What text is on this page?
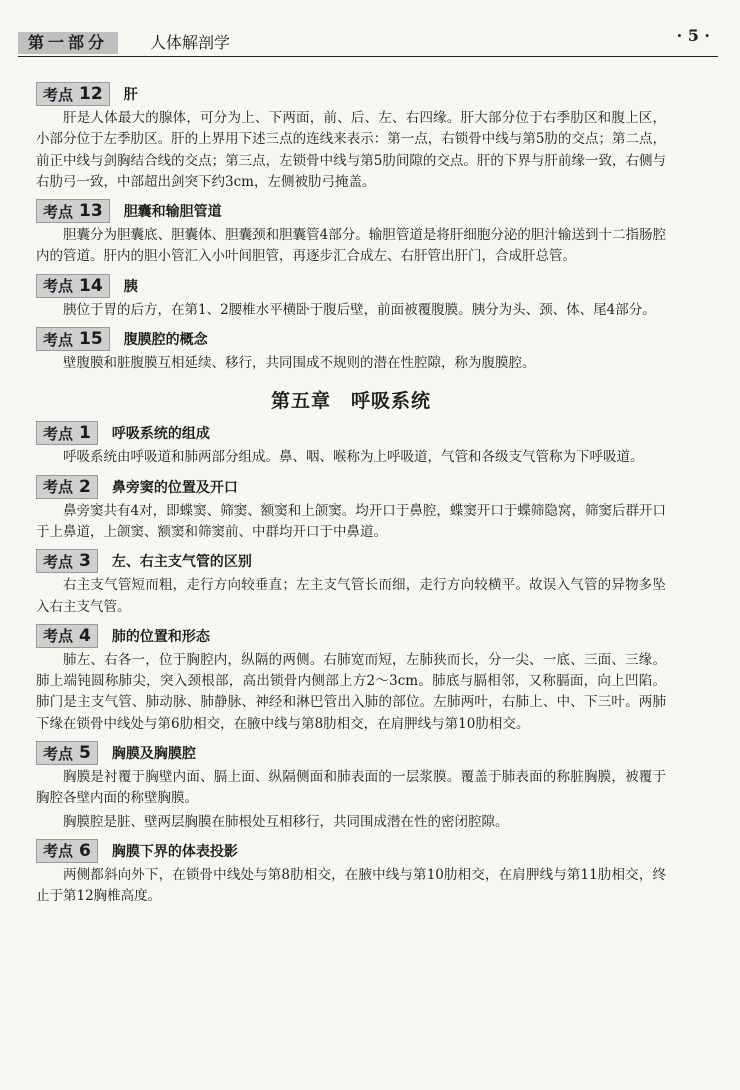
第一部分	人体解剖学	· 5 ·
考点 12 肝

肝是人体最大的腺体，可分为上、下两面，前、后、左、右四缘。肝大部分位于右季肋区和腹上区，小部分位于左季肋区。肝的上界用下述三点的连线来表示：第一点，右锁骨中线与第5肋的交点；第二点，前正中线与剑胸结合线的交点；第三点，左锁骨中线与第5肋间隙的交点。肝的下界与肝前缘一致，右侧与右肋弓一致，中部超出剑突下约3cm，左侧被肋弓掩盖。

考点 13 胆囊和输胆管道

胆囊分为胆囊底、胆囊体、胆囊颈和胆囊管4部分。输胆管道是将肝细胞分泌的胆汁输送到十二指肠腔内的管道。肝内的胆小管汇入小叶间胆管，再逐步汇合成左、右肝管出肝门，合成肝总管。

考点 14 胰

胰位于胃的后方，在第1、2腰椎水平横卧于腹后壁，前面被覆腹膜。胰分为头、颈、体、尾4部分。

考点 15 腹膜腔的概念

壁腹膜和脏腹膜互相延续、移行，共同围成不规则的潜在性腔隙，称为腹膜腔。

第五章　呼吸系统
考点 1 呼吸系统的组成

呼吸系统由呼吸道和肺两部分组成。鼻、咽、喉称为上呼吸道，气管和各级支气管称为下呼吸道。

考点 2 鼻旁窦的位置及开口

鼻旁窦共有4对，即蝶窦、筛窦、额窦和上颌窦。均开口于鼻腔，蝶窦开口于蝶筛隐窝，筛窦后群开口于上鼻道，上颌窦、额窦和筛窦前、中群均开口于中鼻道。

考点 3 左、右主支气管的区别

右主支气管短而粗，走行方向较垂直；左主支气管长而细，走行方向较横平。故误入气管的异物多坠入右主支气管。

考点 4 肺的位置和形态

肺左、右各一，位于胸腔内，纵隔的两侧。右肺宽而短，左肺狭而长，分一尖、一底、三面、三缘。肺上端钝圆称肺尖，突入颈根部，高出锁骨内侧部上方2～3cm。肺底与膈相邻，又称膈面，向上凹陷。肺门是主支气管、肺动脉、肺静脉、神经和淋巴管出入肺的部位。左肺两叶，右肺上、中、下三叶。两肺下缘在锁骨中线处与第6肋相交，在腋中线与第8肋相交，在肩胛线与第10肋相交。

考点 5 胸膜及胸膜腔

胸膜是衬覆于胸壁内面、膈上面、纵隔侧面和肺表面的一层浆膜。覆盖于肺表面的称脏胸膜，被覆于胸腔各壁内面的称壁胸膜。

胸膜腔是脏、壁两层胸膜在肺根处互相移行，共同围成潜在性的密闭腔隙。

考点 6 胸膜下界的体表投影

两侧都斜向外下，在锁骨中线处与第8肋相交，在腋中线与第10肋相交，在肩胛线与第11肋相交，终止于第12胸椎高度。
